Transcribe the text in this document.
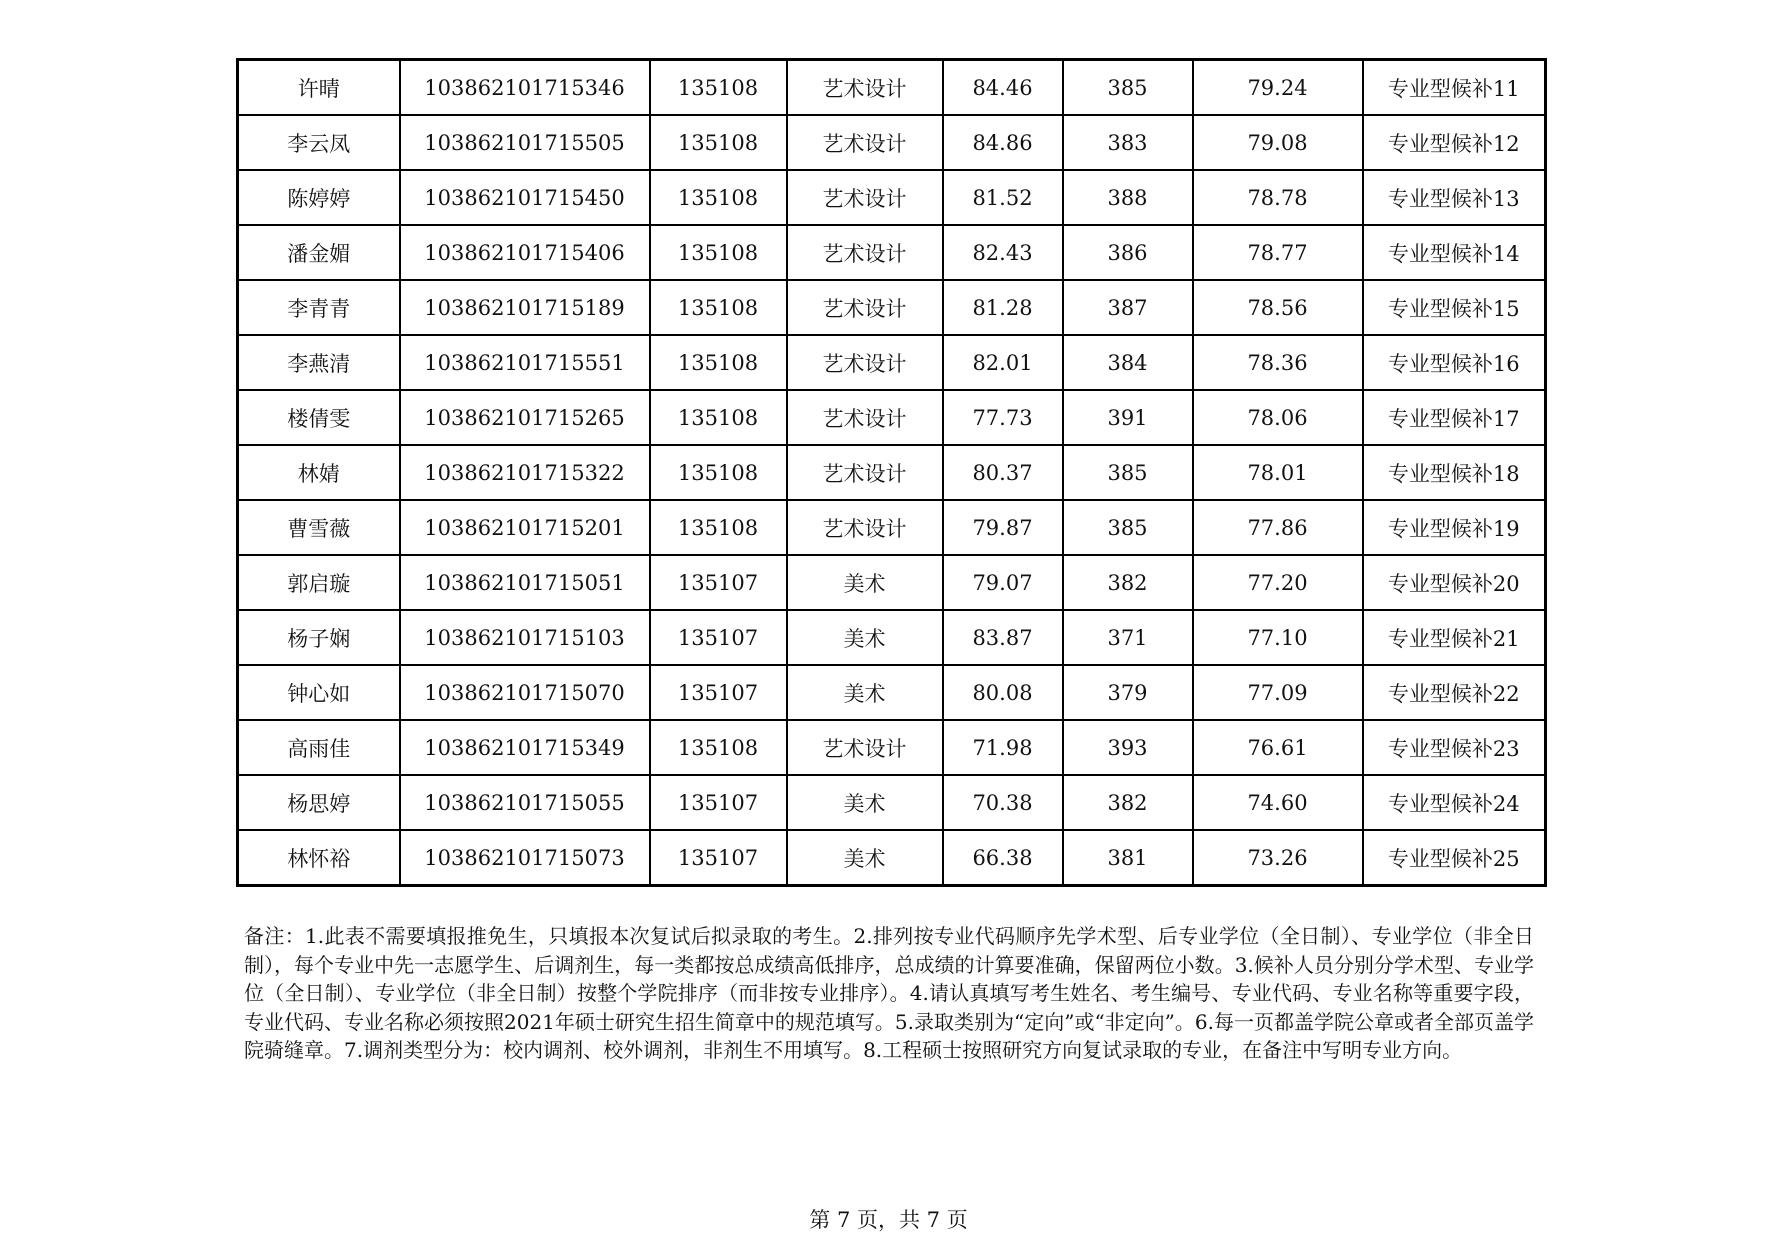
许晴	103862101715346	135108	艺术设计	84.46	385	79.24	专业型候补11
李云凤	103862101715505	135108	艺术设计	84.86	383	79.08	专业型候补12
陈婷婷	103862101715450	135108	艺术设计	81.52	388	78.78	专业型候补13
潘金媚	103862101715406	135108	艺术设计	82.43	386	78.77	专业型候补14
李青青	103862101715189	135108	艺术设计	81.28	387	78.56	专业型候补15
李燕清	103862101715551	135108	艺术设计	82.01	384	78.36	专业型候补16
楼倩雯	103862101715265	135108	艺术设计	77.73	391	78.06	专业型候补17
林婧	103862101715322	135108	艺术设计	80.37	385	78.01	专业型候补18
曹雪薇	103862101715201	135108	艺术设计	79.87	385	77.86	专业型候补19
郭启璇	103862101715051	135107	美术	79.07	382	77.20	专业型候补20
杨子娴	103862101715103	135107	美术	83.87	371	77.10	专业型候补21
钟心如	103862101715070	135107	美术	80.08	379	77.09	专业型候补22
高雨佳	103862101715349	135108	艺术设计	71.98	393	76.61	专业型候补23
杨思婷	103862101715055	135107	美术	70.38	382	74.60	专业型候补24
林怀裕	103862101715073	135107	美术	66.38	381	73.26	专业型候补25
备注：1.此表不需要填报推免生，只填报本次复试后拟录取的考生。2.排列按专业代码顺序先学术型、后专业学位（全日制）、专业学位（非全日制），每个专业中先一志愿学生、后调剂生，每一类都按总成绩高低排序，总成绩的计算要准确，保留两位小数。3.候补人员分别分学术型、专业学位（全日制）、专业学位（非全日制）按整个学院排序（而非按专业排序）。4.请认真填写考生姓名、考生编号、专业代码、专业名称等重要字段，专业代码、专业名称必须按照2021年硕士研究生招生简章中的规范填写。5.录取类别为“定向”或“非定向”。6.每一页都盖学院公章或者全部页盖学院骑缝章。7.调剂类型分为：校内调剂、校外调剂，非剂生不用填写。8.工程硕士按照研究方向复试录取的专业，在备注中写明专业方向。
第 7 页，共 7 页
